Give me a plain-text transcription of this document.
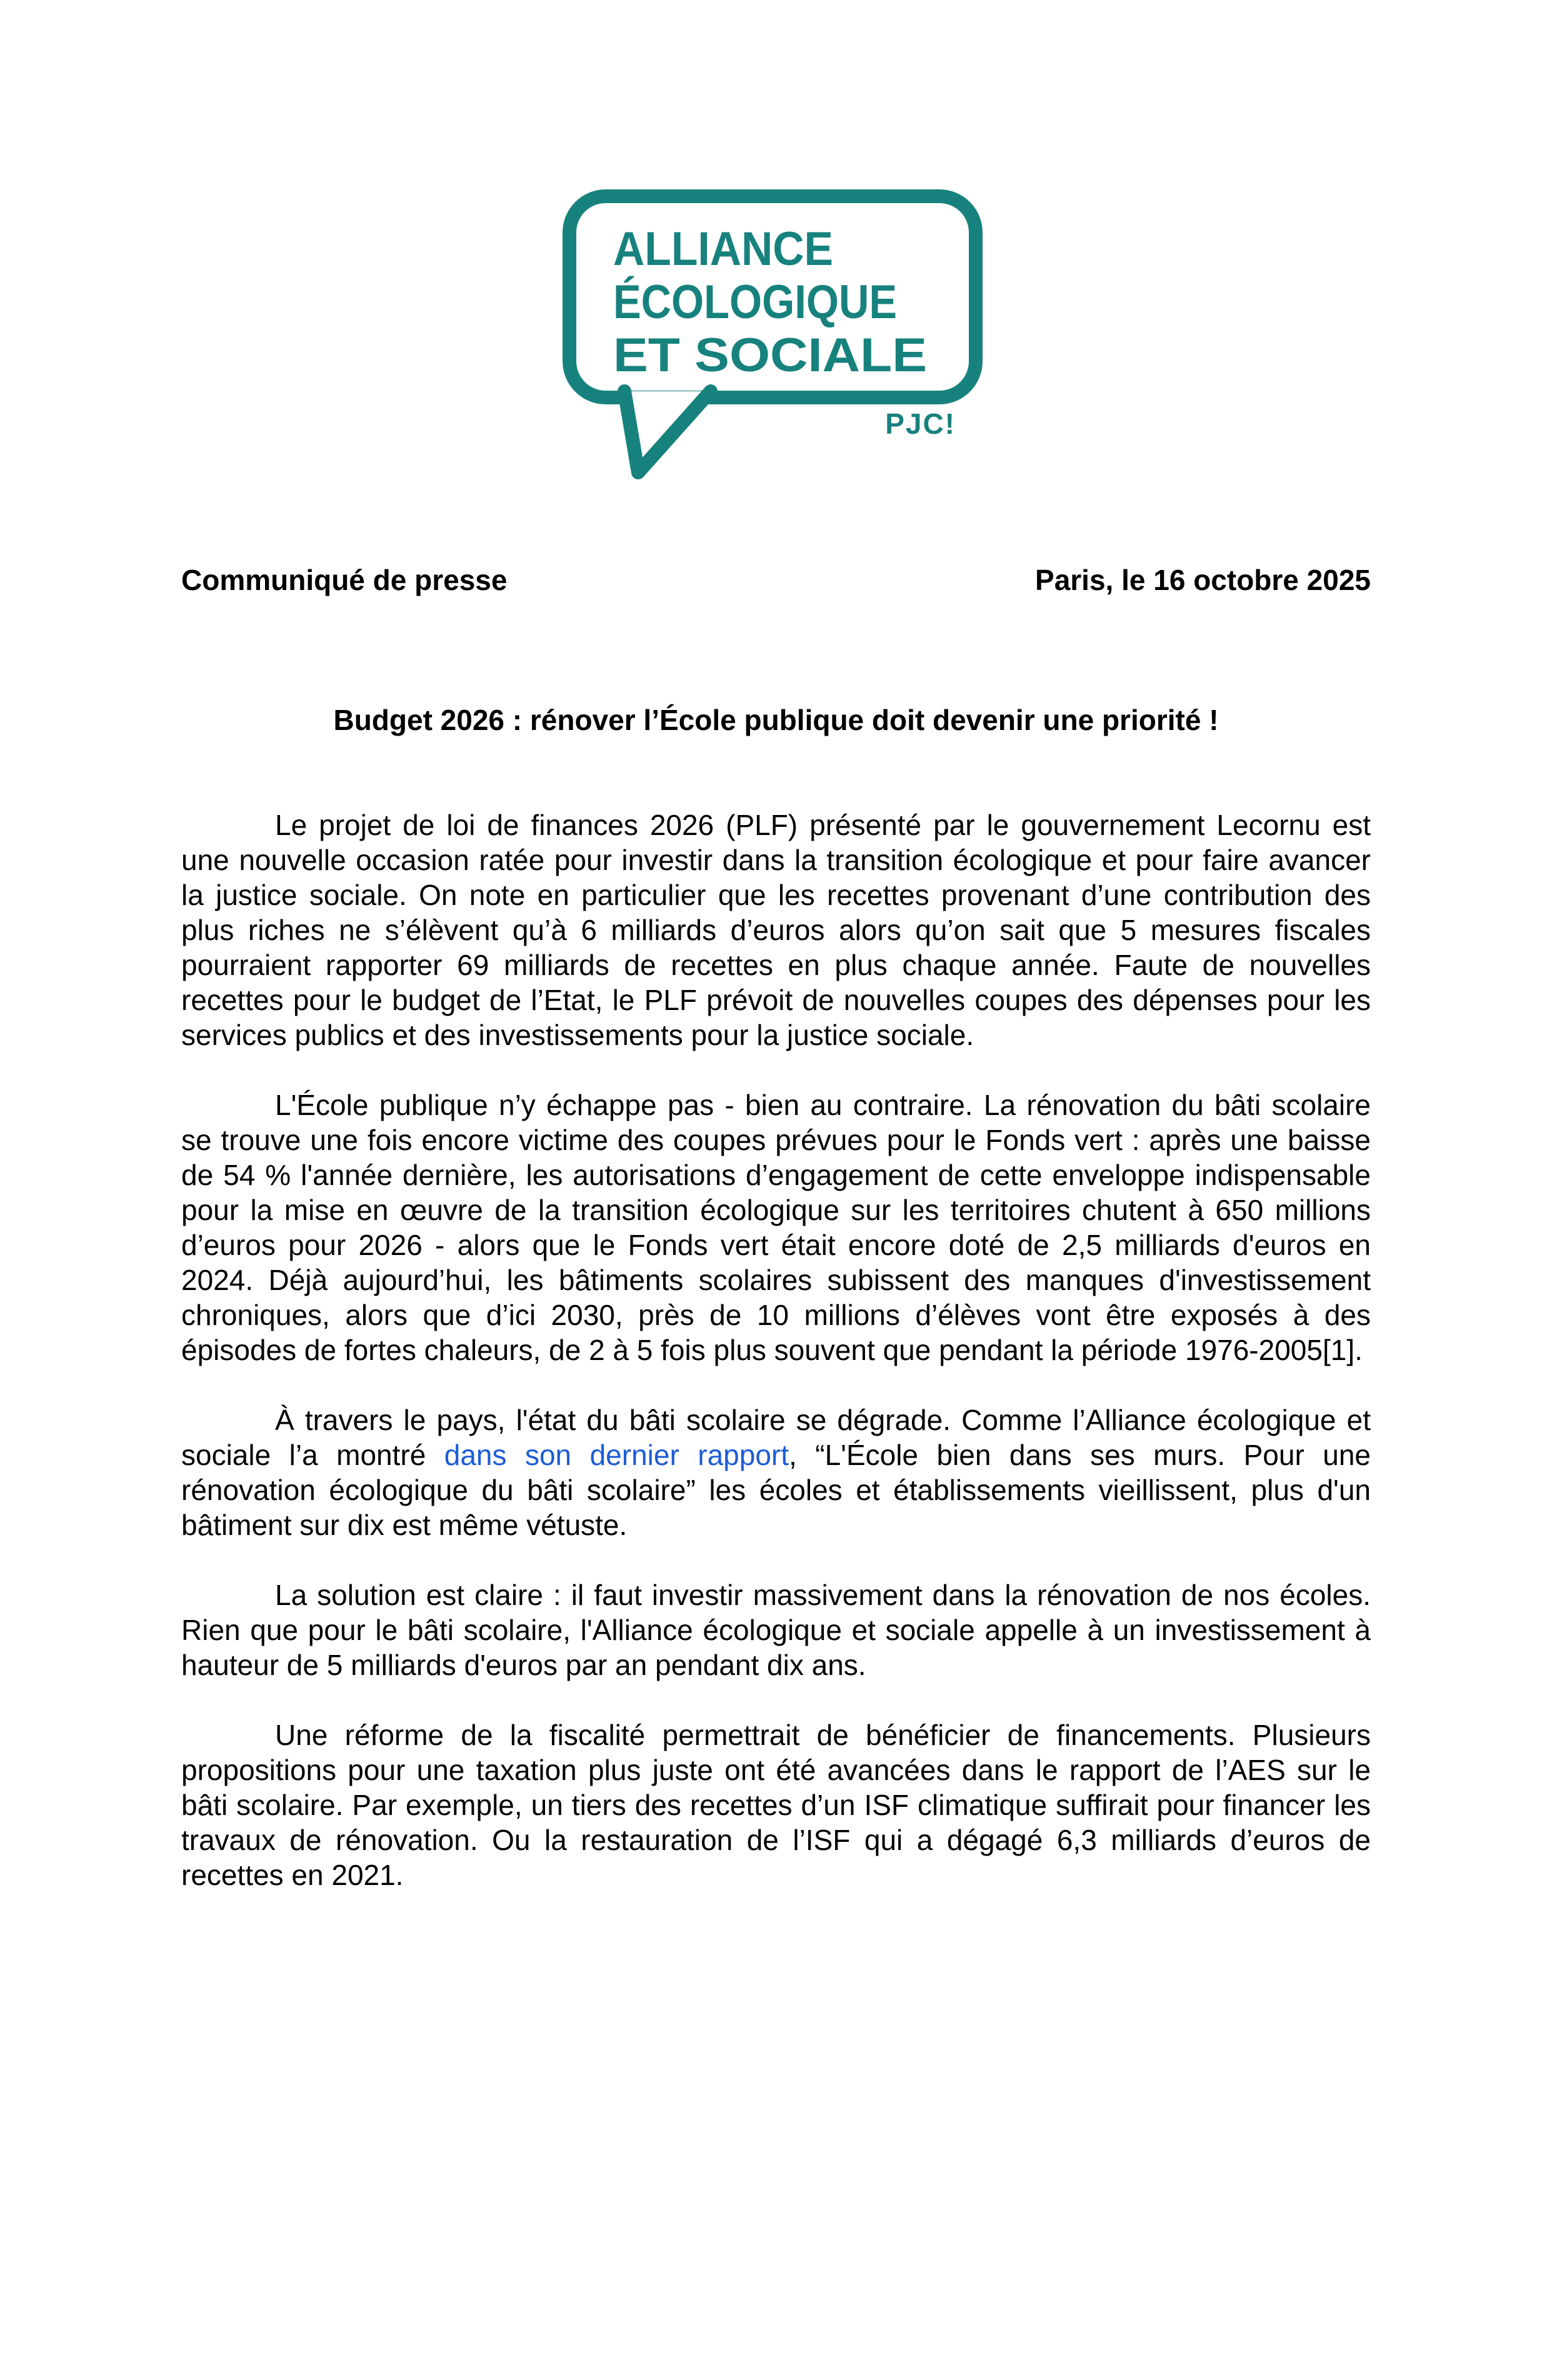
ALLIANCE
ÉCOLOGIQUE
ET SOCIALE
PJC!
Communiqué de presse	Paris, le 16 octobre 2025
Budget 2026 : rénover l’École publique doit devenir une priorité !

Le projet de loi de finances 2026 (PLF) présenté par le gouvernement Lecornu est une nouvelle occasion ratée pour investir dans la transition écologique et pour faire avancer la justice sociale. On note en particulier que les recettes provenant d’une contribution des plus riches ne s’élèvent qu’à 6 milliards d’euros alors qu’on sait que 5 mesures fiscales pourraient rapporter 69 milliards de recettes en plus chaque année. Faute de nouvelles recettes pour le budget de l’Etat, le PLF prévoit de nouvelles coupes des dépenses pour les services publics et des investissements pour la justice sociale.

L'École publique n’y échappe pas - bien au contraire. La rénovation du bâti scolaire se trouve une fois encore victime des coupes prévues pour le Fonds vert : après une baisse de 54 % l'année dernière, les autorisations d’engagement de cette enveloppe indispensable pour la mise en œuvre de la transition écologique sur les territoires chutent à 650 millions d’euros pour 2026 - alors que le Fonds vert était encore doté de 2,5 milliards d'euros en 2024. Déjà aujourd’hui, les bâtiments scolaires subissent des manques d'investissement chroniques, alors que d’ici 2030, près de 10 millions d’élèves vont être exposés à des épisodes de fortes chaleurs, de 2 à 5 fois plus souvent que pendant la période 1976-2005[1].

À travers le pays, l'état du bâti scolaire se dégrade. Comme l’Alliance écologique et sociale l’a montré dans son dernier rapport, “L'École bien dans ses murs. Pour une rénovation écologique du bâti scolaire” les écoles et établissements vieillissent, plus d'un bâtiment sur dix est même vétuste.

La solution est claire : il faut investir massivement dans la rénovation de nos écoles. Rien que pour le bâti scolaire, l'Alliance écologique et sociale appelle à un investissement à hauteur de 5 milliards d'euros par an pendant dix ans.

Une réforme de la fiscalité permettrait de bénéficier de financements. Plusieurs propositions pour une taxation plus juste ont été avancées dans le rapport de l’AES sur le bâti scolaire. Par exemple, un tiers des recettes d’un ISF climatique suffirait pour financer les travaux de rénovation. Ou la restauration de l’ISF qui a dégagé 6,3 milliards d’euros de recettes en 2021.
